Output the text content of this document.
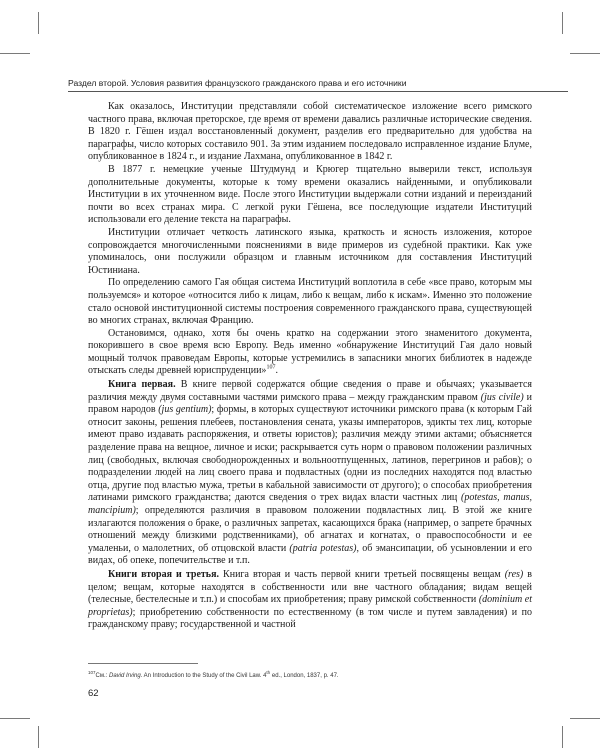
Раздел второй. Условия развития французского гражданского права и его источники

Как оказалось, Институции представляли собой систематическое изложение всего римского частного права, включая преторское, где время от времени давались различные исторические сведения. В 1820 г. Гёшен издал восстановленный документ, разделив его предварительно для удобства на параграфы, число которых составило 901. За этим изданием последовало исправленное издание Блуме, опубликованное в 1824 г., и издание Лахмана, опубликованное в 1842 г.

В 1877 г. немецкие ученые Штудмунд и Крюгер тщательно выверили текст, используя дополнительные документы, которые к тому времени оказались найденными, и опубликовали Институции в их уточненном виде. После этого Институции выдержали сотни изданий и переизданий почти во всех странах мира. С легкой руки Гёшена, все последующие издатели Институций использовали его деление текста на параграфы.

Институции отличает четкость латинского языка, краткость и ясность изложения, которое сопровождается многочисленными пояснениями в виде примеров из судебной практики. Как уже упоминалось, они послужили образцом и главным источником для составления Институций Юстиниана.

По определению самого Гая общая система Институций воплотила в себе «все право, которым мы пользуемся» и которое «относится либо к лицам, либо к вещам, либо к искам». Именно это положение стало основой институционной системы построения современного гражданского права, существующей во многих странах, включая Францию.

Остановимся, однако, хотя бы очень кратко на содержании этого знаменитого документа, покорившего в свое время всю Европу. Ведь именно «обнаружение Институций Гая дало новый мощный толчок правоведам Европы, которые устремились в запасники многих библиотек в надежде отыскать следы древней юриспруденции»$^{107}$.

Книга первая. В книге первой содержатся общие сведения о праве и обычаях; указывается различия между двумя составными частями римского права – между гражданским правом (jus civile) и правом народов (jus gentium); формы, в которых существуют источники римского права (к которым Гай относит законы, решения плебеев, постановления сената, указы императоров, эдикты тех лиц, которые имеют право издавать распоряжения, и ответы юристов); различия между этими актами; объясняется разделение права на вещное, личное и иски; раскрывается суть норм о правовом положении различных лиц (свободных, включая свободнорожденных и вольноотпущенных, латинов, перегринов и рабов); о подразделении людей на лиц своего права и подвластных (одни из последних находятся под властью отца, другие под властью мужа, третьи в кабальной зависимости от другого); о способах приобретения латинами римского гражданства; даются сведения о трех видах власти частных лиц (potestas, manus, mancipium); определяются различия в правовом положении подвластных лиц. В этой же книге излагаются положения о браке, о различных запретах, касающихся брака (например, о запрете брачных отношений между близкими родственниками), об агнатах и когнатах, о правоспособности и ее умаленьи, о малолетних, об отцовской власти (patria potestas), об эмансипации, об усыновлении и его видах, об опеке, попечительстве и т.п.

Книги вторая и третья. Книга вторая и часть первой книги третьей посвящены вещам (res) в целом; вещам, которые находятся в собственности или вне частного обладания; видам вещей (телесные, бестелесные и т.п.) и способам их приобретения; праву римской собственности (dominium et proprietas); приобретению собственности по естественному (в том числе и путем завладения) и по гражданскому праву; государственной и частной

$^{107}$См.: David Irving. An Introduction to the Study of the Civil Law. 4th ed., London, 1837, p. 47.
62
